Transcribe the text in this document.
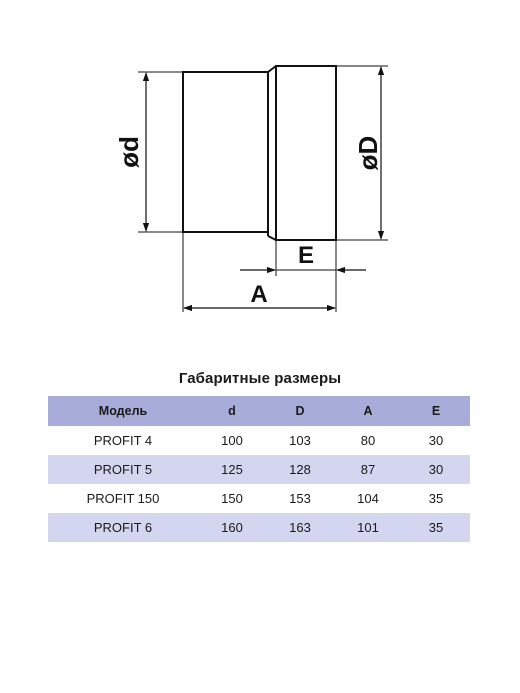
ød	øD
E
A
Габаритные размеры
Модель	d	D	A	E
PROFIT 4	100	103	80	30
PROFIT 5	125	128	87	30
PROFIT 150	150	153	104	35
PROFIT 6	160	163	101	35
